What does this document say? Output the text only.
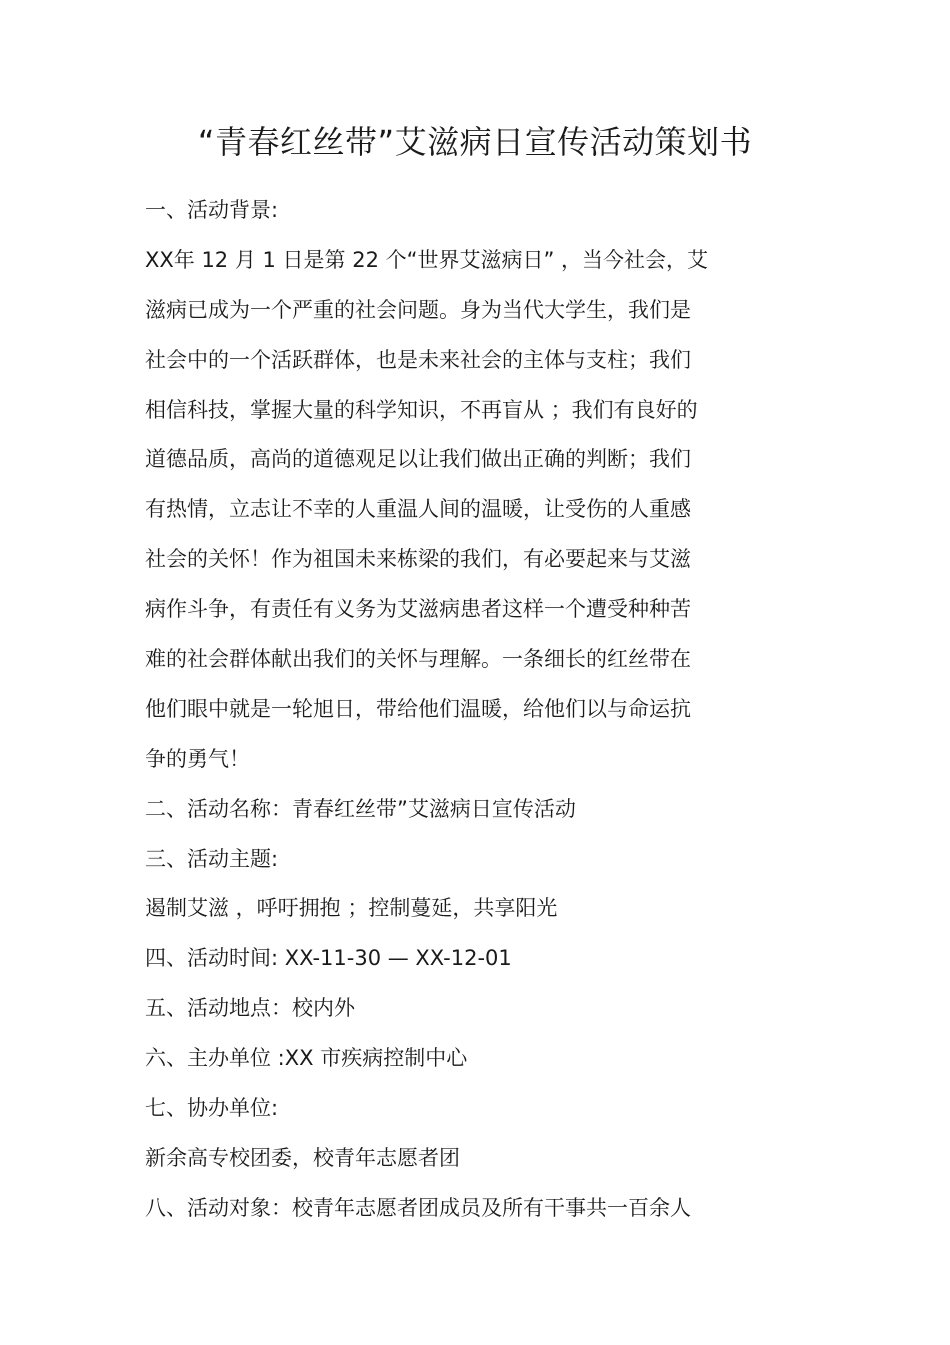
“青春红丝带”艾滋病日宣传活动策划书
一、活动背景:
XX年 12 月 1 日是第 22 个“世界艾滋病日” ，当今社会，艾
滋病已成为一个严重的社会问题。身为当代大学生，我们是
社会中的一个活跃群体，也是未来社会的主体与支柱；我们
相信科技，掌握大量的科学知识，不再盲从 ；我们有良好的
道德品质，高尚的道德观足以让我们做出正确的判断；我们
有热情，立志让不幸的人重温人间的温暖，让受伤的人重感
社会的关怀！作为祖国未来栋梁的我们，有必要起来与艾滋
病作斗争，有责任有义务为艾滋病患者这样一个遭受种种苦
难的社会群体献出我们的关怀与理解。一条细长的红丝带在
他们眼中就是一轮旭日，带给他们温暖，给他们以与命运抗
争的勇气！
二、活动名称：青春红丝带”艾滋病日宣传活动
三、活动主题:
遏制艾滋 ，呼吁拥抱 ；控制蔓延，共享阳光
四、活动时间: XX-11-30 — XX-12-01
五、活动地点：校内外
六、主办单位 :XX 市疾病控制中心
七、协办单位:
新余高专校团委，校青年志愿者团
八、活动对象：校青年志愿者团成员及所有干事共一百余人
